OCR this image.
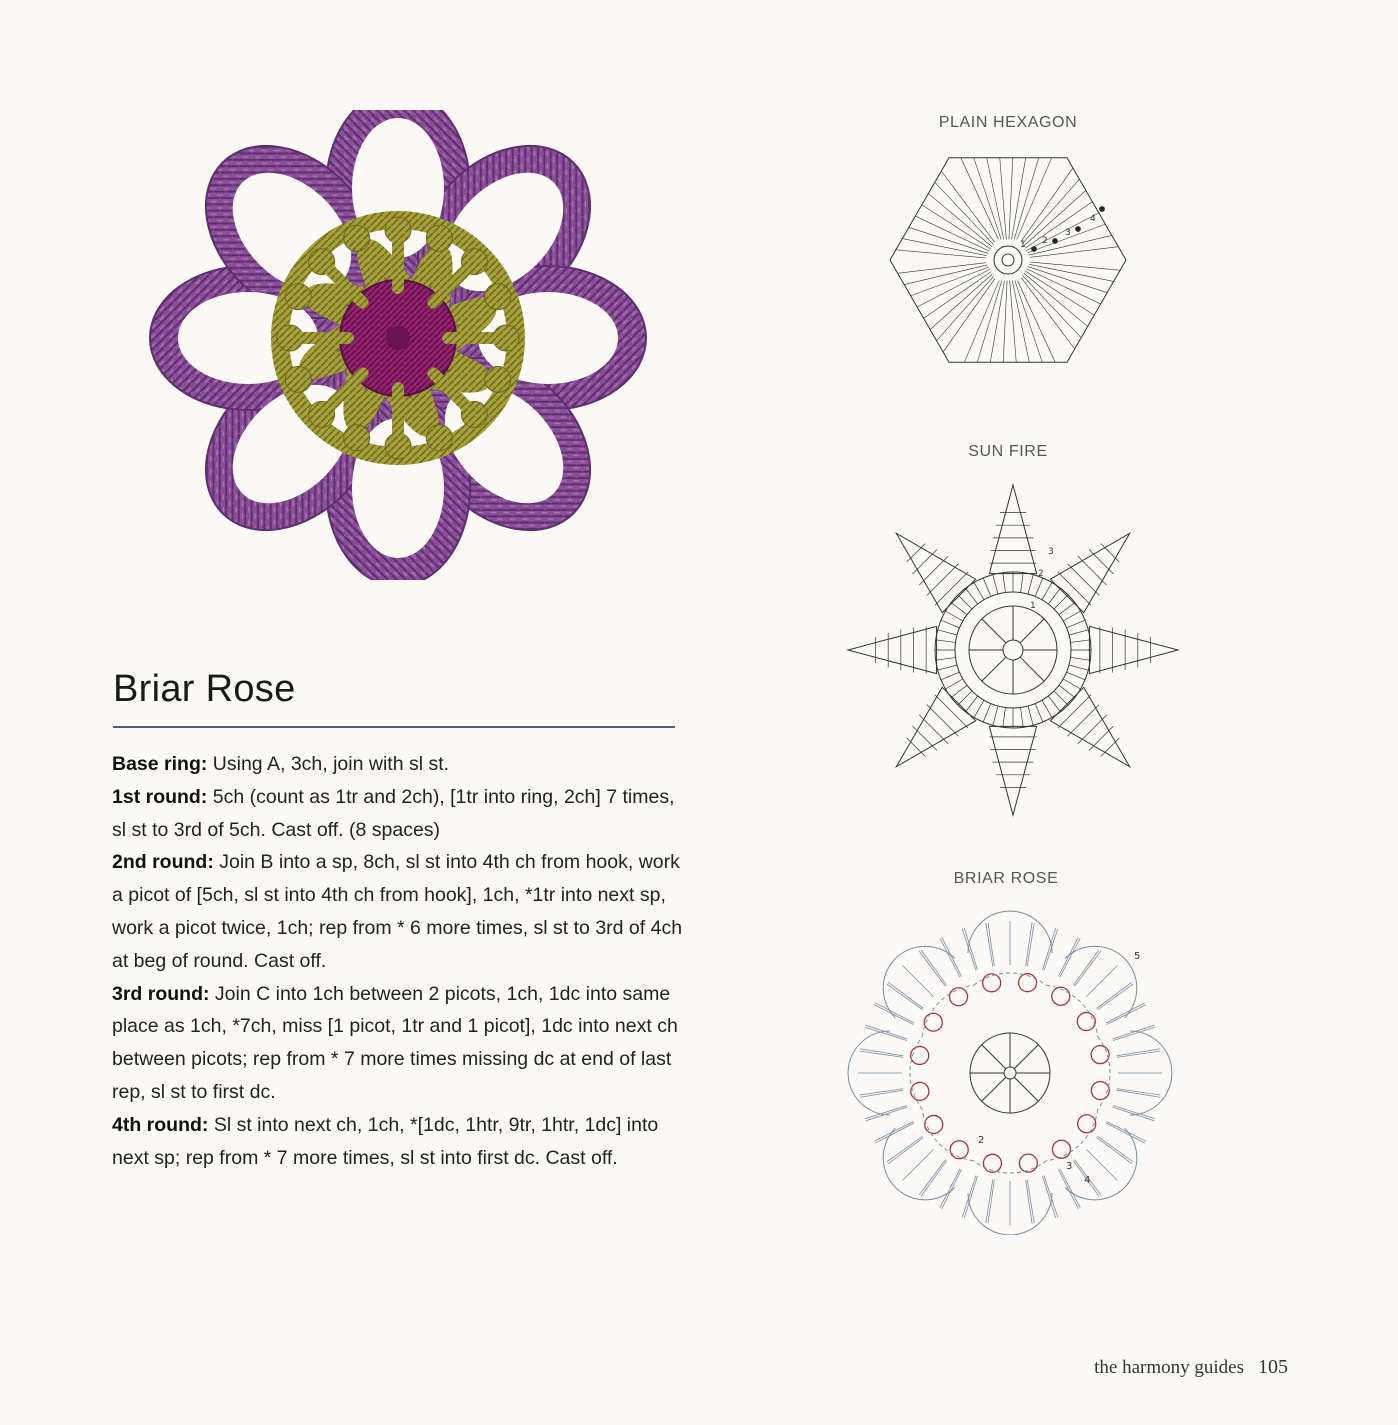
Briar Rose

Base ring: Using A, 3ch, join with sl st.

1st round: 5ch (count as 1tr and 2ch), [1tr into ring, 2ch] 7 times, sl st to 3rd of 5ch. Cast off. (8 spaces)

2nd round: Join B into a sp, 8ch, sl st into 4th ch from hook, work a picot of [5ch, sl st into 4th ch from hook], 1ch, *1tr into next sp, work a picot twice, 1ch; rep from * 6 more times, sl st to 3rd of 4ch at beg of round. Cast off.

3rd round: Join C into 1ch between 2 picots, 1ch, 1dc into same place as 1ch, *7ch, miss [1 picot, 1tr and 1 picot], 1dc into next ch between picots; rep from * 7 more times missing dc at end of last rep, sl st to first dc.

4th round: Sl st into next ch, 1ch, *[1dc, 1htr, 9tr, 1htr, 1dc] into next sp; rep from * 7 more times, sl st into first dc. Cast off.

PLAIN HEXAGON
1 2
3
4
SUN FIRE
1
2
3
BRIAR ROSE
2
3
4
5
the harmony guides 105
